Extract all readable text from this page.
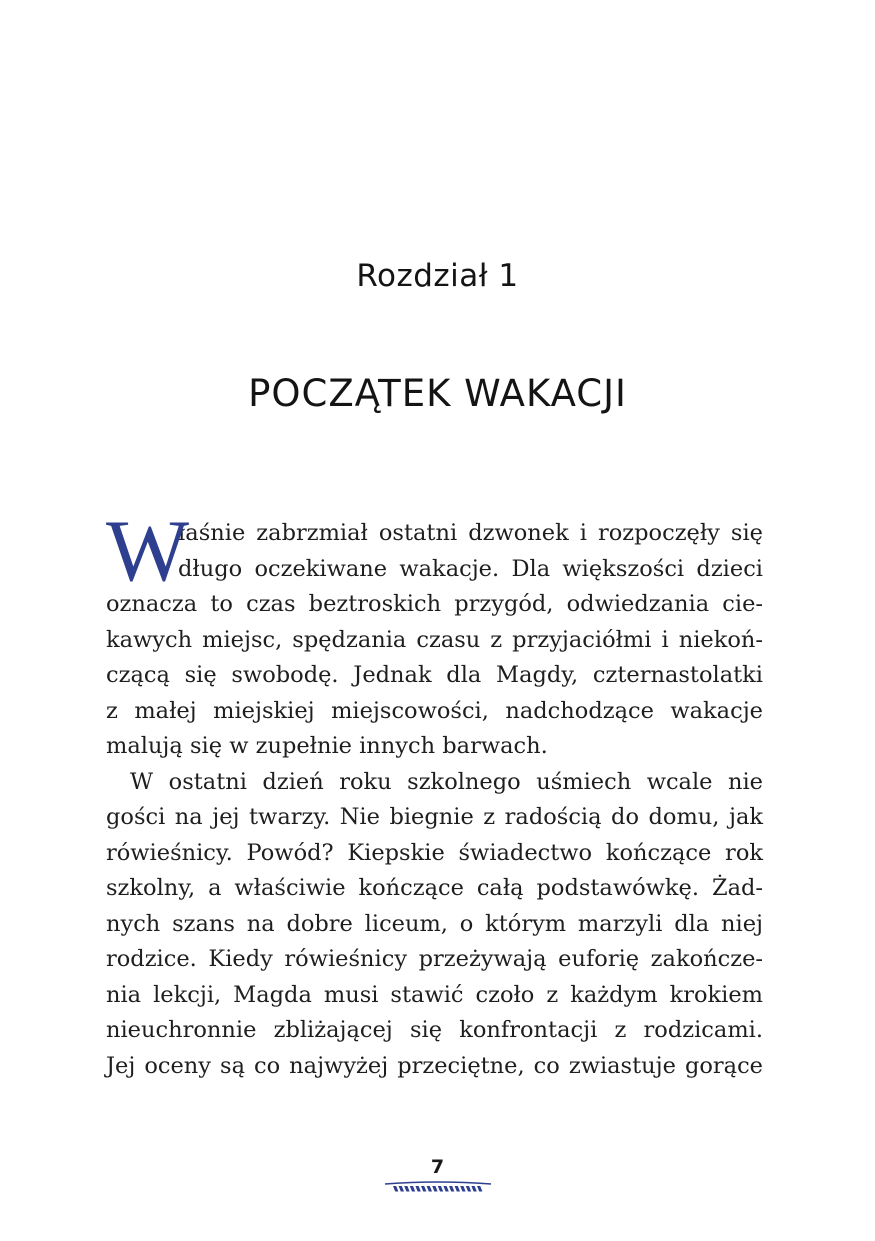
Rozdział 1
POCZĄTEK WAKACJI
W
łaśnie zabrzmiał ostatni dzwonek i rozpoczęły się
długo oczekiwane wakacje. Dla większości dzieci
oznacza to czas beztroskich przygód, odwiedzania cie-
kawych miejsc, spędzania czasu z przyjaciółmi i niekoń-
czącą się swobodę. Jednak dla Magdy, czternastolatki
z małej miejskiej miejscowości, nadchodzące wakacje
malują się w zupełnie innych barwach.
W ostatni dzień roku szkolnego uśmiech wcale nie
gości na jej twarzy. Nie biegnie z radością do domu, jak
rówieśnicy. Powód? Kiepskie świadectwo kończące rok
szkolny, a właściwie kończące całą podstawówkę. Żad-
nych szans na dobre liceum, o którym marzyli dla niej
rodzice. Kiedy rówieśnicy przeżywają euforię zakończe-
nia lekcji, Magda musi stawić czoło z każdym krokiem
nieuchronnie zbliżającej się konfrontacji z rodzicami.
Jej oceny są co najwyżej przeciętne, co zwiastuje gorące
7
